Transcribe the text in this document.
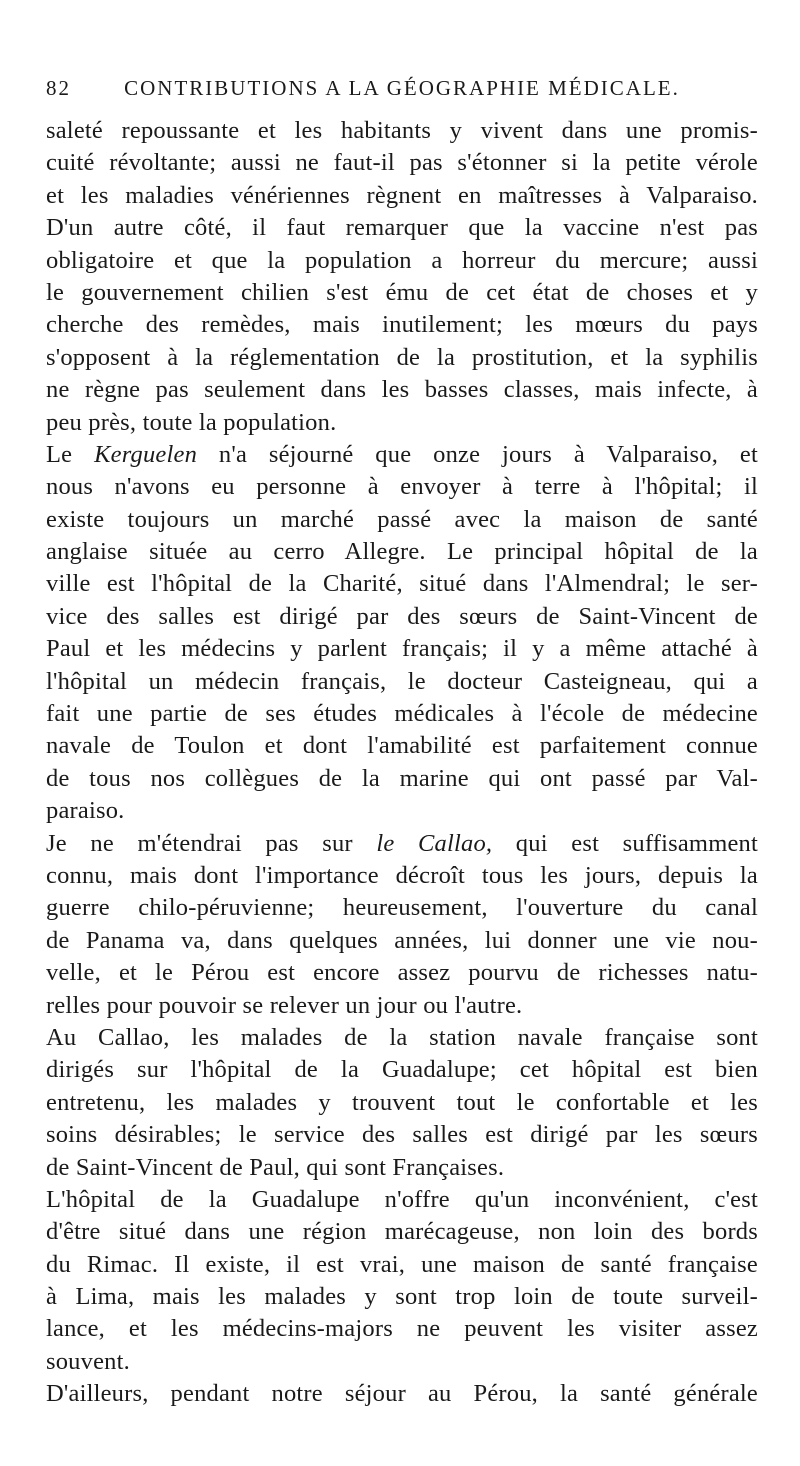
82	CONTRIBUTIONS A LA GÉOGRAPHIE MÉDICALE.
saleté repoussante et les habitants y vivent dans une promis-
cuité révoltante; aussi ne faut-il pas s'étonner si la petite vérole
et les maladies vénériennes règnent en maîtresses à Valparaiso.
D'un autre côté, il faut remarquer que la vaccine n'est pas
obligatoire et que la population a horreur du mercure; aussi
le gouvernement chilien s'est ému de cet état de choses et y
cherche des remèdes, mais inutilement; les mœurs du pays
s'opposent à la réglementation de la prostitution, et la syphilis
ne règne pas seulement dans les basses classes, mais infecte, à
peu près, toute la population.
Le Kerguelen n'a séjourné que onze jours à Valparaiso, et
nous n'avons eu personne à envoyer à terre à l'hôpital; il
existe toujours un marché passé avec la maison de santé
anglaise située au cerro Allegre. Le principal hôpital de la
ville est l'hôpital de la Charité, situé dans l'Almendral; le ser-
vice des salles est dirigé par des sœurs de Saint-Vincent de
Paul et les médecins y parlent français; il y a même attaché à
l'hôpital un médecin français, le docteur Casteigneau, qui a
fait une partie de ses études médicales à l'école de médecine
navale de Toulon et dont l'amabilité est parfaitement connue
de tous nos collègues de la marine qui ont passé par Val-
paraiso.
Je ne m'étendrai pas sur le Callao, qui est suffisamment
connu, mais dont l'importance décroît tous les jours, depuis la
guerre chilo-péruvienne; heureusement, l'ouverture du canal
de Panama va, dans quelques années, lui donner une vie nou-
velle, et le Pérou est encore assez pourvu de richesses natu-
relles pour pouvoir se relever un jour ou l'autre.
Au Callao, les malades de la station navale française sont
dirigés sur l'hôpital de la Guadalupe; cet hôpital est bien
entretenu, les malades y trouvent tout le confortable et les
soins désirables; le service des salles est dirigé par les sœurs
de Saint-Vincent de Paul, qui sont Françaises.
L'hôpital de la Guadalupe n'offre qu'un inconvénient, c'est
d'être situé dans une région marécageuse, non loin des bords
du Rimac. Il existe, il est vrai, une maison de santé française
à Lima, mais les malades y sont trop loin de toute surveil-
lance, et les médecins-majors ne peuvent les visiter assez
souvent.
D'ailleurs, pendant notre séjour au Pérou, la santé générale
